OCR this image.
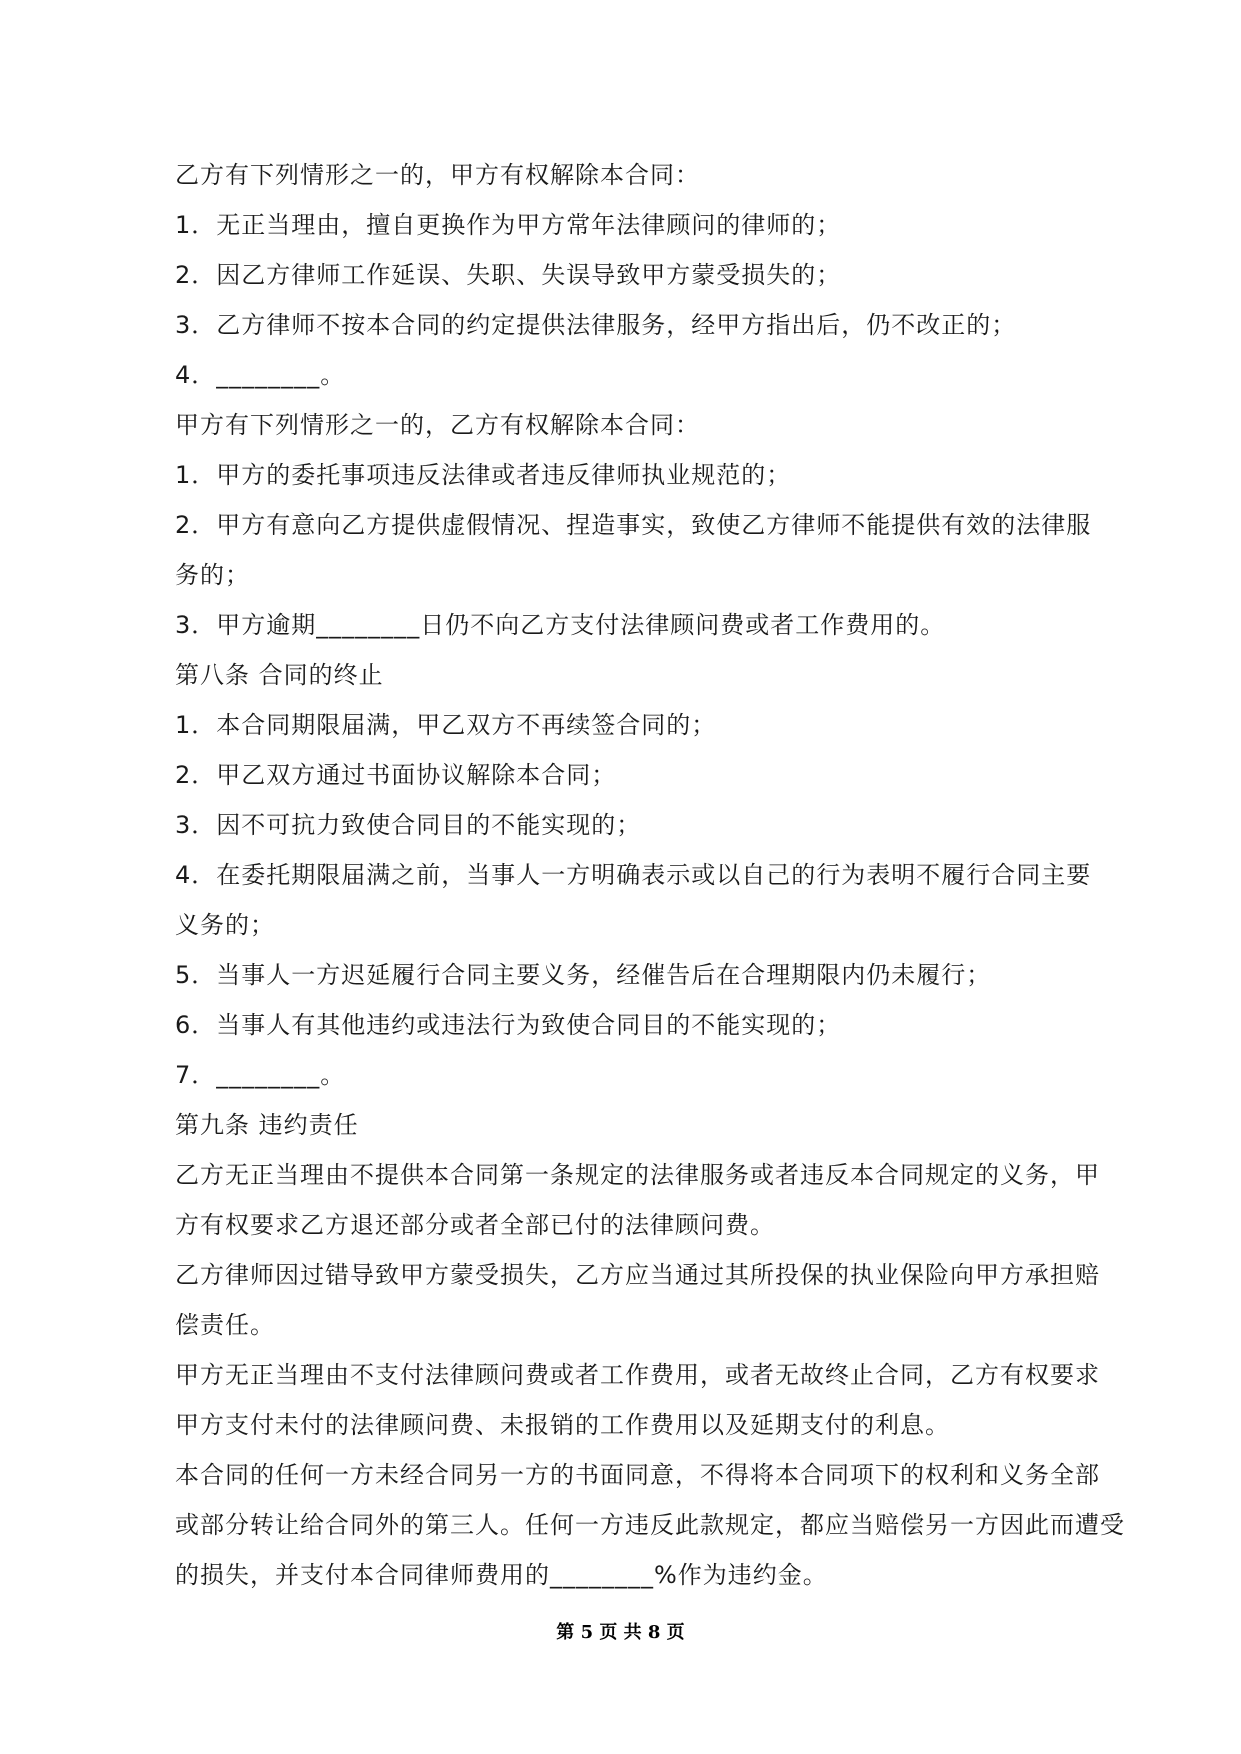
乙方有下列情形之一的，甲方有权解除本合同：
1．无正当理由，擅自更换作为甲方常年法律顾问的律师的；
2．因乙方律师工作延误、失职、失误导致甲方蒙受损失的；
3．乙方律师不按本合同的约定提供法律服务，经甲方指出后，仍不改正的；
4．________。
甲方有下列情形之一的，乙方有权解除本合同：
1．甲方的委托事项违反法律或者违反律师执业规范的；
2．甲方有意向乙方提供虚假情况、捏造事实，致使乙方律师不能提供有效的法律服
务的；
3．甲方逾期________日仍不向乙方支付法律顾问费或者工作费用的。
第八条 合同的终止
1．本合同期限届满，甲乙双方不再续签合同的；
2．甲乙双方通过书面协议解除本合同；
3．因不可抗力致使合同目的不能实现的；
4．在委托期限届满之前，当事人一方明确表示或以自己的行为表明不履行合同主要
义务的；
5．当事人一方迟延履行合同主要义务，经催告后在合理期限内仍未履行；
6．当事人有其他违约或违法行为致使合同目的不能实现的；
7．________。
第九条 违约责任
乙方无正当理由不提供本合同第一条规定的法律服务或者违反本合同规定的义务，甲
方有权要求乙方退还部分或者全部已付的法律顾问费。
乙方律师因过错导致甲方蒙受损失，乙方应当通过其所投保的执业保险向甲方承担赔
偿责任。
甲方无正当理由不支付法律顾问费或者工作费用，或者无故终止合同，乙方有权要求
甲方支付未付的法律顾问费、未报销的工作费用以及延期支付的利息。
本合同的任何一方未经合同另一方的书面同意，不得将本合同项下的权利和义务全部
或部分转让给合同外的第三人。任何一方违反此款规定，都应当赔偿另一方因此而遭受
的损失，并支付本合同律师费用的________%作为违约金。
第 5 页 共 8 页
